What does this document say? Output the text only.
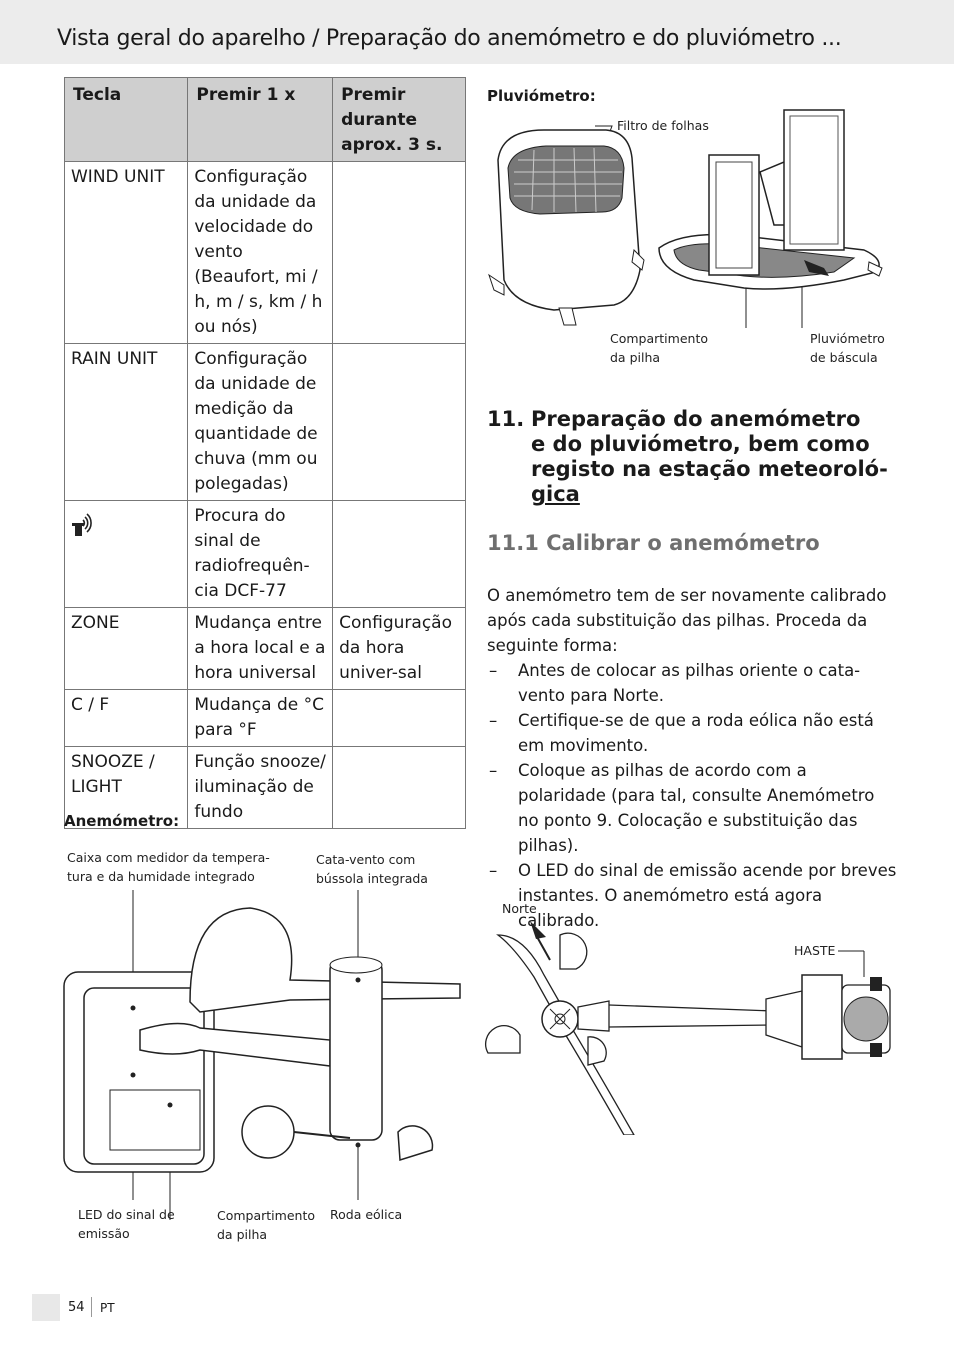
Vista geral do aparelho / Preparação do anemómetro e do pluviómetro ...
Tecla	Premir 1 x	Premir durante aprox. 3 s.
WIND UNIT	Configuração da unidade da velocidade do vento (Beaufort, mi / h, m / s, km / h ou nós)	
RAIN UNIT	Configuração da unidade de medição da quantidade de chuva (mm ou polegadas)	
	Procura do sinal de radiofrequên-cia DCF-77	
ZONE	Mudança entre a hora local e a hora universal	Configuração da hora univer-sal
C / F	Mudança de °C para °F	
SNOOZE / LIGHT	Função snooze/ iluminação de fundo	
Pluviómetro:
Filtro de folhas
Compartimento da pilha
Pluviómetro de báscula
11. Preparação do anemómetro
e do pluviómetro, bem como
registo na estação meteoroló-
gica
11.1 Calibrar o anemómetro

O anemómetro tem de ser novamente calibrado após cada substituição das pilhas. Proceda da seguinte forma:

– Antes de colocar as pilhas oriente o cata-vento para Norte.
– Certifique-se de que a roda eólica não está em movimento.
– Coloque as pilhas de acordo com a polaridade (para tal, consulte Anemómetro no ponto 9. Colocação e substituição das pilhas).
– O LED do sinal de emissão acende por breves instantes. O anemómetro está agora calibrado.
Norte
HASTE
Anemómetro:
Caixa com medidor da tempera-tura e da humidade integrado
Cata-vento com bússola integrada
LED do sinal de emissão
Compartimento da pilha
Roda eólica
54 PT
